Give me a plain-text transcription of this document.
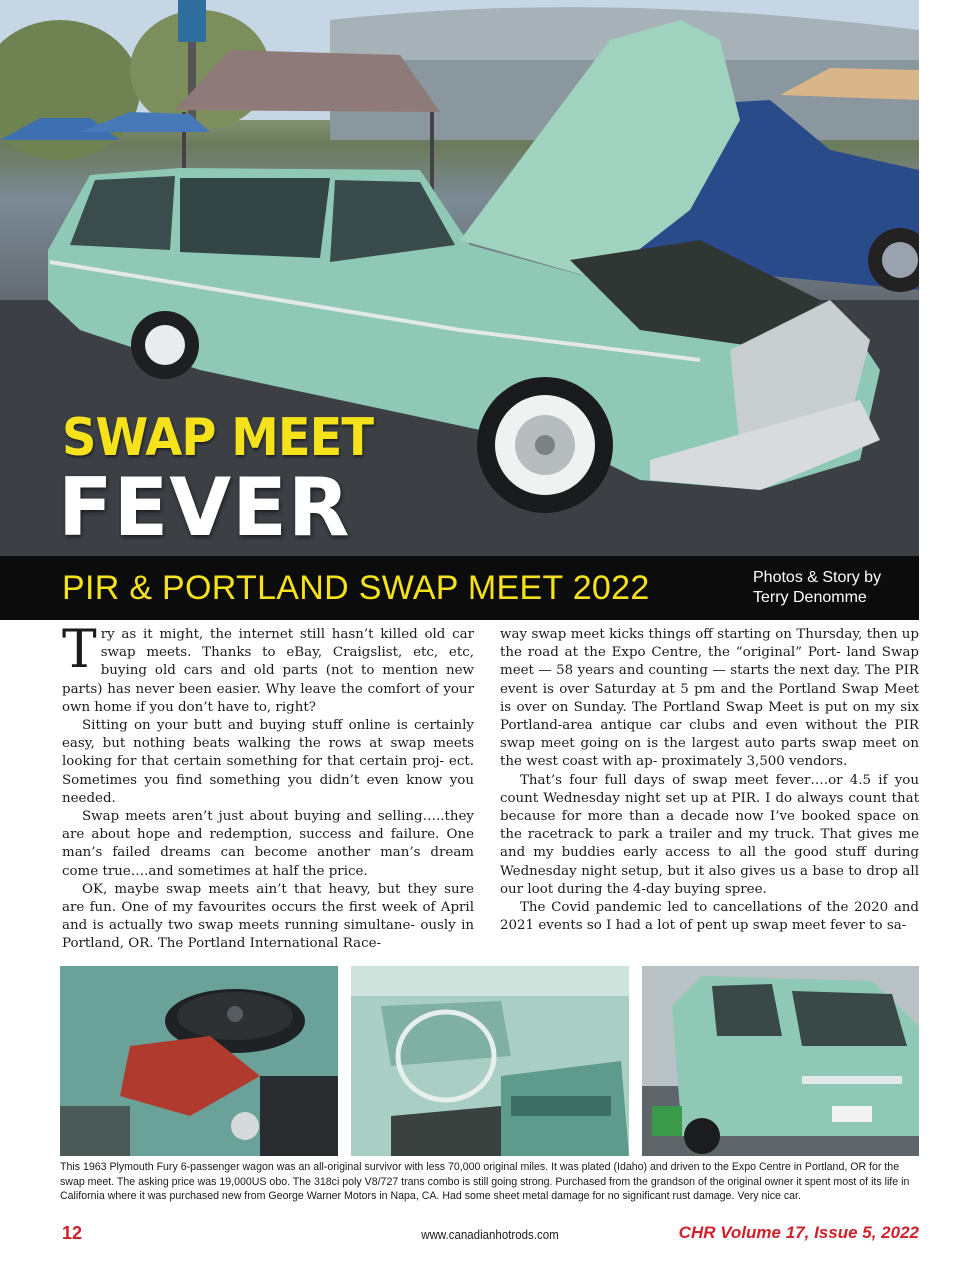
SWAP MEET
FEVER
PIR & PORTLAND SWAP MEET 2022	Photos & Story by
Terry Denomme

Try as it might, the internet still hasn’t killed old car swap meets. Thanks to eBay, Craigslist, etc, etc, buying old cars and old parts (not to mention new parts) has never been easier. Why leave the comfort of your own home if you don’t have to, right?

Sitting on your butt and buying stuff online is certainly easy, but nothing beats walking the rows at swap meets looking for that certain something for that certain proj- ect. Sometimes you find something you didn’t even know you needed.

Swap meets aren’t just about buying and selling…..they are about hope and redemption, success and failure. One man’s failed dreams can become another man’s dream come true….and sometimes at half the price.

OK, maybe swap meets ain’t that heavy, but they sure are fun. One of my favourites occurs the first week of April and is actually two swap meets running simultane- ously in Portland, OR. The Portland International Race-

way swap meet kicks things off starting on Thursday, then up the road at the Expo Centre, the “original” Port- land Swap meet — 58 years and counting — starts the next day. The PIR event is over Saturday at 5 pm and the Portland Swap Meet is over on Sunday. The Portland Swap Meet is put on my six Portland-area antique car clubs and even without the PIR swap meet going on is the largest auto parts swap meet on the west coast with ap- proximately 3,500 vendors.

That’s four full days of swap meet fever….or 4.5 if you count Wednesday night set up at PIR. I do always count that because for more than a decade now I’ve booked space on the racetrack to park a trailer and my truck. That gives me and my buddies early access to all the good stuff during Wednesday night setup, but it also gives us a base to drop all our loot during the 4-day buying spree.

The Covid pandemic led to cancellations of the 2020 and 2021 events so I had a lot of pent up swap meet fever to sa-

This 1963 Plymouth Fury 6-passenger wagon was an all-original survivor with less 70,000 original miles. It was plated (Idaho) and driven to the Expo Centre in Portland, OR for the swap meet. The asking price was 19,000US obo. The 318ci poly V8/727 trans combo is still going strong. Purchased from the grandson of the original owner it spent most of its life in California where it was purchased new from George Warner Motors in Napa, CA. Had some sheet metal damage for no significant rust damage. Very nice car.
12	www.canadianhotrods.com	CHR Volume 17, Issue 5, 2022
